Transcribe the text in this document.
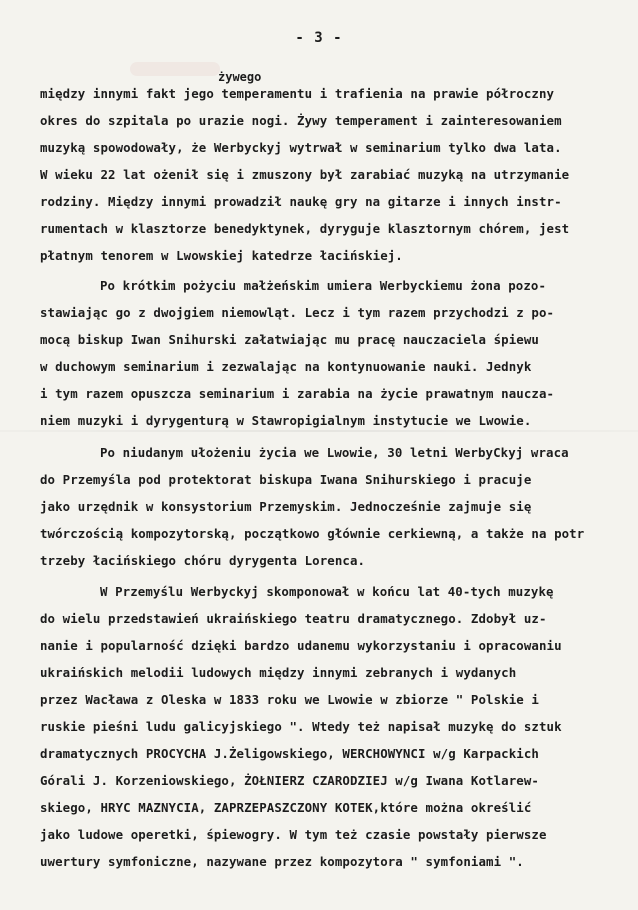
- 3 -
żywego
między innymi fakt jego temperamentu i trafienia na prawie półroczny
okres do szpitala po urazie nogi. Żywy temperament i zainteresowaniem
muzyką spowodowały, że Werbyckyj wytrwał w seminarium tylko dwa lata.
W wieku 22 lat ożenił się i zmuszony był zarabiać muzyką na utrzymanie
rodziny. Między innymi prowadził naukę gry na gitarze i innych instr-
rumentach w klasztorze benedyktynek, dyryguje klasztornym chórem, jest
płatnym tenorem w Lwowskiej katedrze łacińskiej.
Po krótkim pożyciu małżeńskim umiera Werbyckiemu żona pozo-
stawiając go z dwojgiem niemowląt. Lecz i tym razem przychodzi z po-
mocą biskup Iwan Snihurski załatwiając mu pracę nauczaciela śpiewu
w duchowym seminarium i zezwalając na kontynuowanie nauki. Jednyk
i tym razem opuszcza seminarium i zarabia na życie prawatnym nauczа-
niem muzyki i dyrygenturą w Stawropigialnym instytucie we Lwowie.
Po niudanym ułożeniu życia we Lwowie, 30 letni WerbyCkyj wraca
do Przemyśla pod protektorat biskupa Iwana Snihurskiego i pracuje
jako urzędnik w konsystorium Przemyskim. Jednocześnie zajmuje się
twórczością kompozytorską, początkowo głównie cerkiewną, a także na potr
trzeby łacińskiego chóru dyrygenta Lorenca.
W Przemyślu Werbyckyj skomponował w końcu lat 40-tych muzykę
do wielu przedstawień ukraińskiego teatru dramatycznego. Zdobył uz-
nanie i popularność dzięki bardzo udanemu wykorzystaniu i opracowaniu
ukraińskich melodii ludowych między innymi zebranych i wydanych
przez Wacława z Oleska w 1833 roku we Lwowie w zbiorze " Polskie i
ruskie pieśni ludu galicyjskiego ". Wtedy też napisał muzykę do sztuk
dramatycznych PROCYCHA J.Żeligowskiego, WERCHOWYNCI w/g Karpackich
Górali J. Korzeniowskiego, ŻOŁNIERZ CZARODZIEJ w/g Iwana Kotlarew-
skiego, HRYC MAZNYCIA, ZAPRZEPASZCZONY KOTEK,które można określić
jako ludowe operetki, śpiewogry. W tym też czasie powstały pierwsze
uwertury symfoniczne, nazywane przez kompozytora " symfoniami ".
